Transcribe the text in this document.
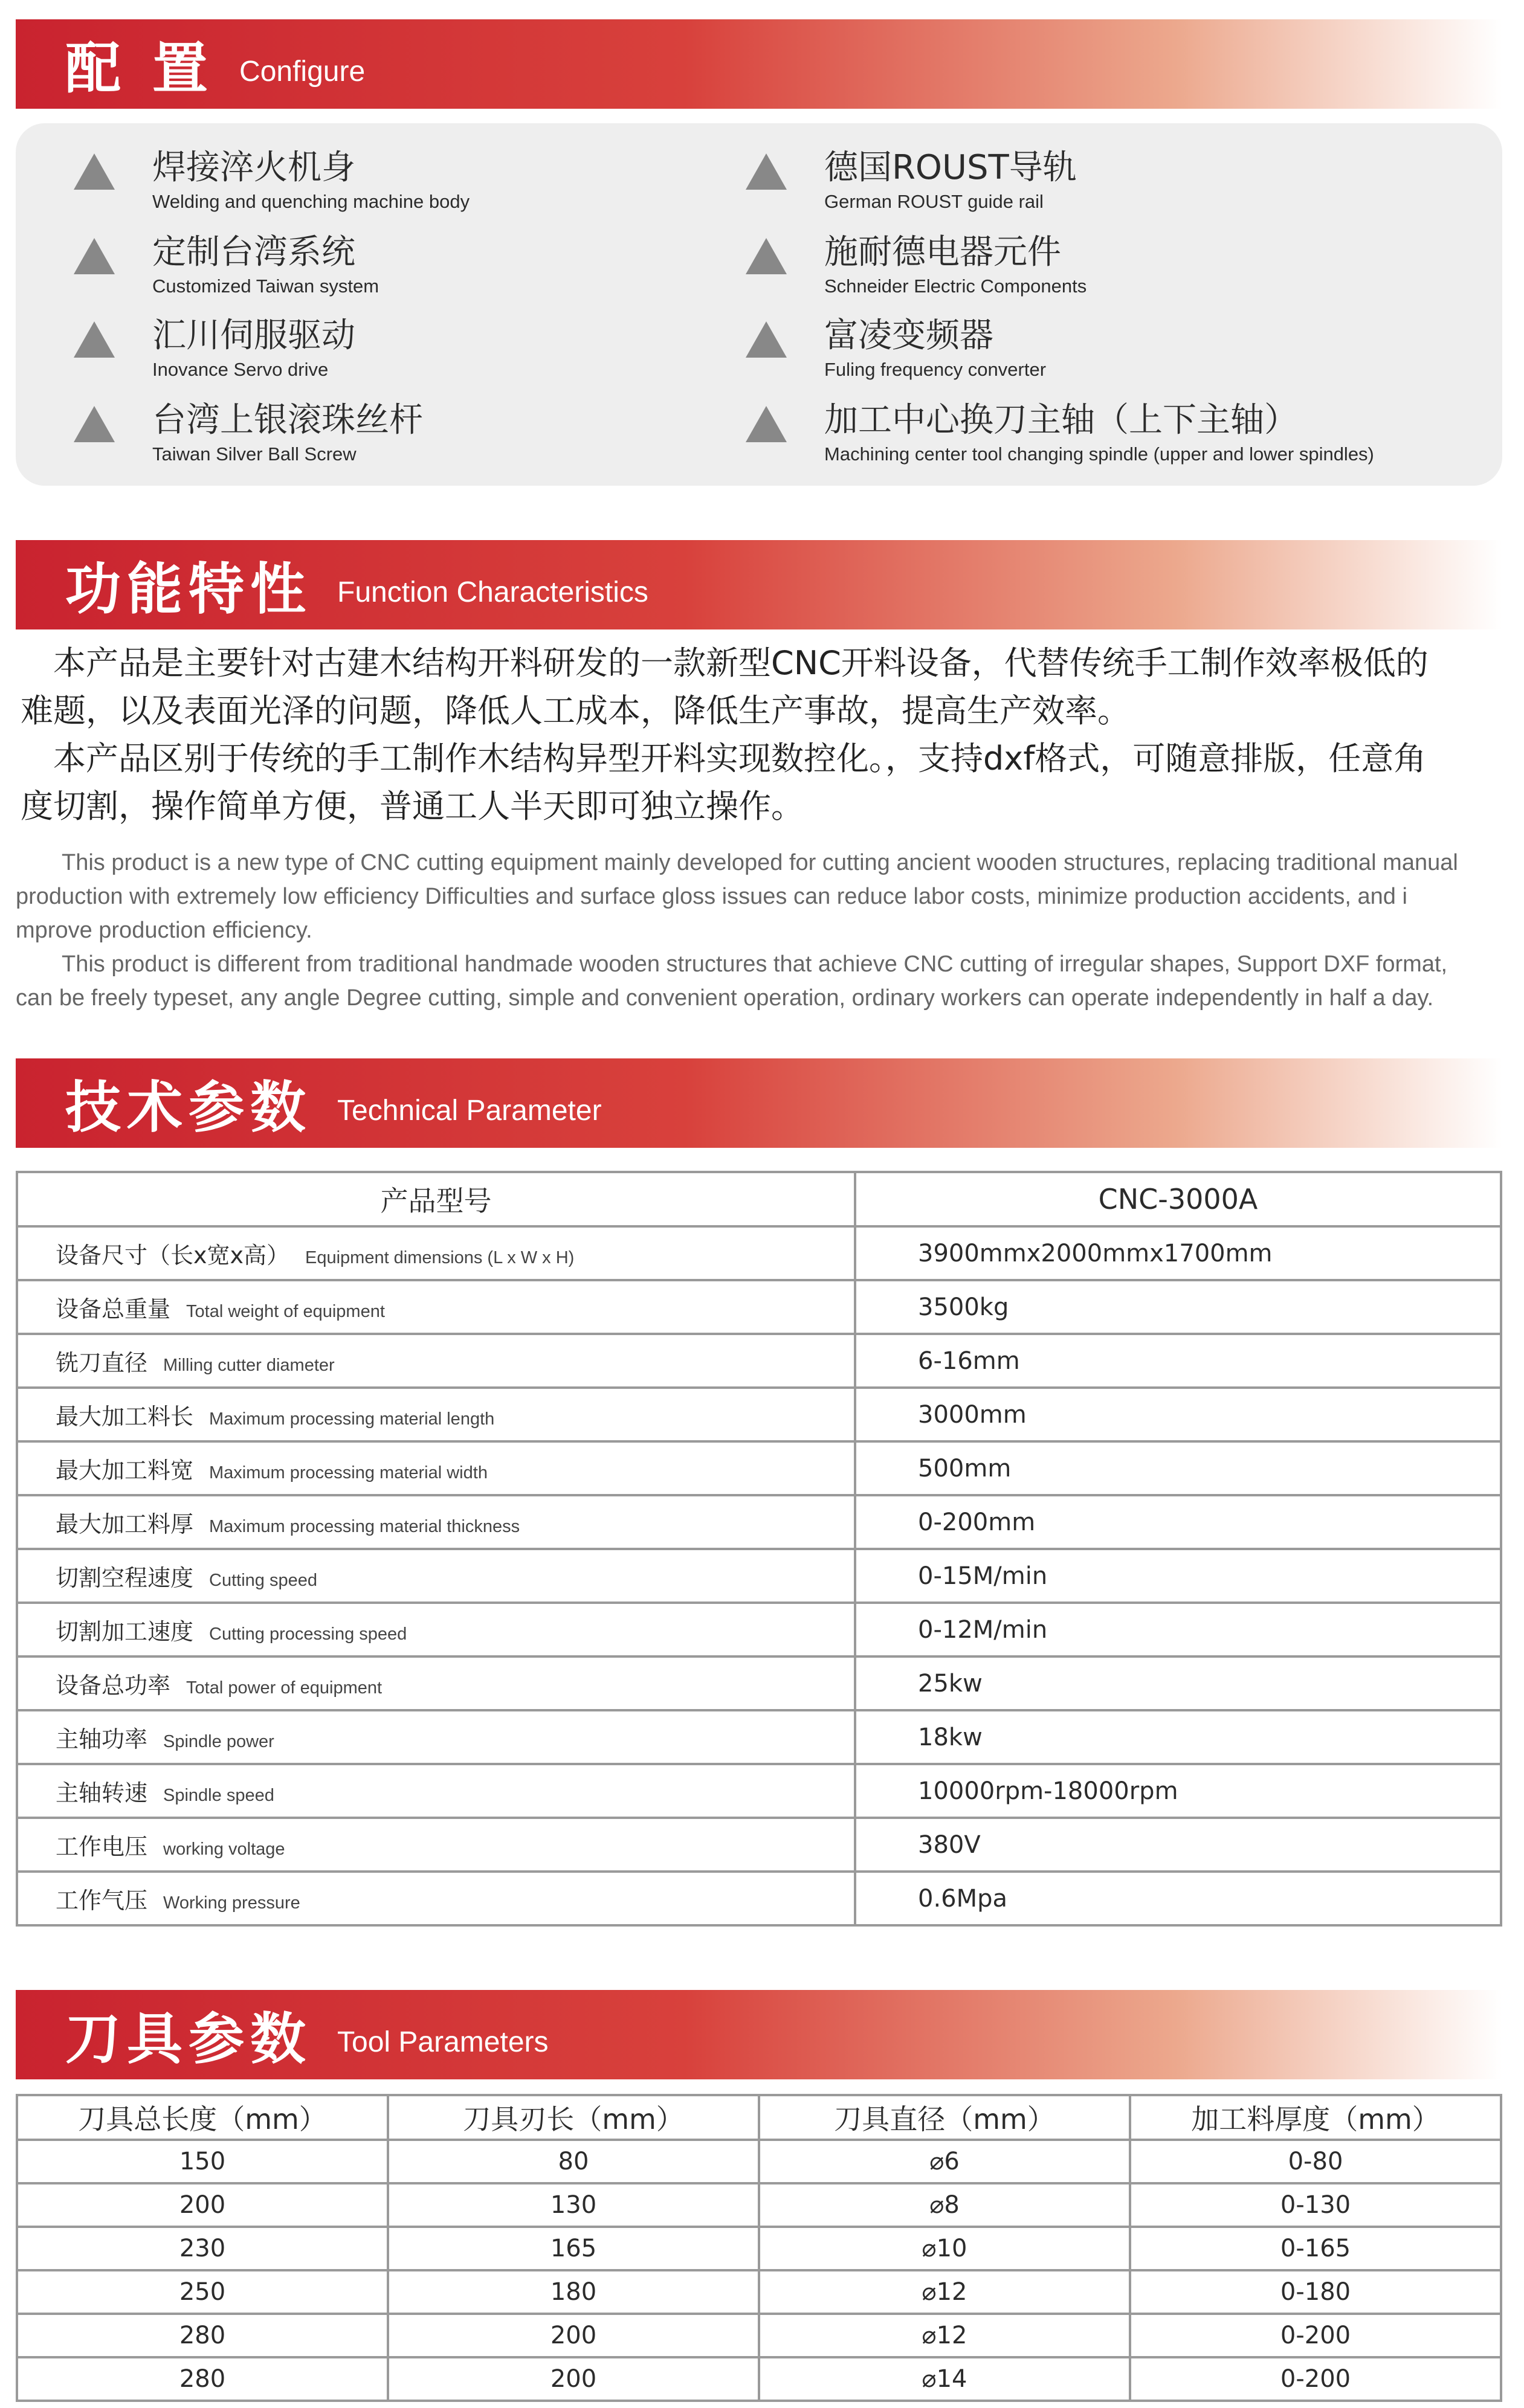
配 置 Configure
焊接淬火机身
Welding and quenching machine body
德国ROUST导轨
German ROUST guide rail
定制台湾系统
Customized Taiwan system
施耐德电器元件
Schneider Electric Components
汇川伺服驱动
Inovance Servo drive
富凌变频器
Fuling frequency converter
台湾上银滚珠丝杆
Taiwan Silver Ball Screw
加工中心换刀主轴（上下主轴）
Machining center tool changing spindle (upper and lower spindles)
功能特性 Function Characteristics
　本产品是主要针对古建木结构开料研发的一款新型CNC开料设备，代替传统手工制作效率极低的
难题，以及表面光泽的问题，降低人工成本，降低生产事故，提高生产效率。
　本产品区别于传统的手工制作木结构异型开料实现数控化。，支持dxf格式，可随意排版，任意角
度切割，操作简单方便，普通工人半天即可独立操作。
　　This product is a new type of CNC cutting equipment mainly developed for cutting ancient wooden structures, replacing traditional manual
production with extremely low efficiency Difficulties and surface gloss issues can reduce labor costs, minimize production accidents, and i
mprove production efficiency.
　　This product is different from traditional handmade wooden structures that achieve CNC cutting of irregular shapes, Support DXF format,
can be freely typeset, any angle Degree cutting, simple and convenient operation, ordinary workers can operate independently in half a day.
技术参数 Technical Parameter
产品型号	CNC-3000A
设备尺寸（长x宽x高） Equipment dimensions (L x W x H)	3900mmx2000mmx1700mm
设备总重量 Total weight of equipment	3500kg
铣刀直径 Milling cutter diameter	6-16mm
最大加工料长 Maximum processing material length	3000mm
最大加工料宽 Maximum processing material width	500mm
最大加工料厚 Maximum processing material thickness	0-200mm
切割空程速度 Cutting speed	0-15M/min
切割加工速度 Cutting processing speed	0-12M/min
设备总功率 Total power of equipment	25kw
主轴功率 Spindle power	18kw
主轴转速 Spindle speed	10000rpm-18000rpm
工作电压 working voltage	380V
工作气压 Working pressure	0.6Mpa
刀具参数 Tool Parameters
刀具总长度（mm）	刀具刃长（mm）	刀具直径（mm）	加工料厚度（mm）
150	80	⌀6	0-80
200	130	⌀8	0-130
230	165	⌀10	0-165
250	180	⌀12	0-180
280	200	⌀12	0-200
280	200	⌀14	0-200
